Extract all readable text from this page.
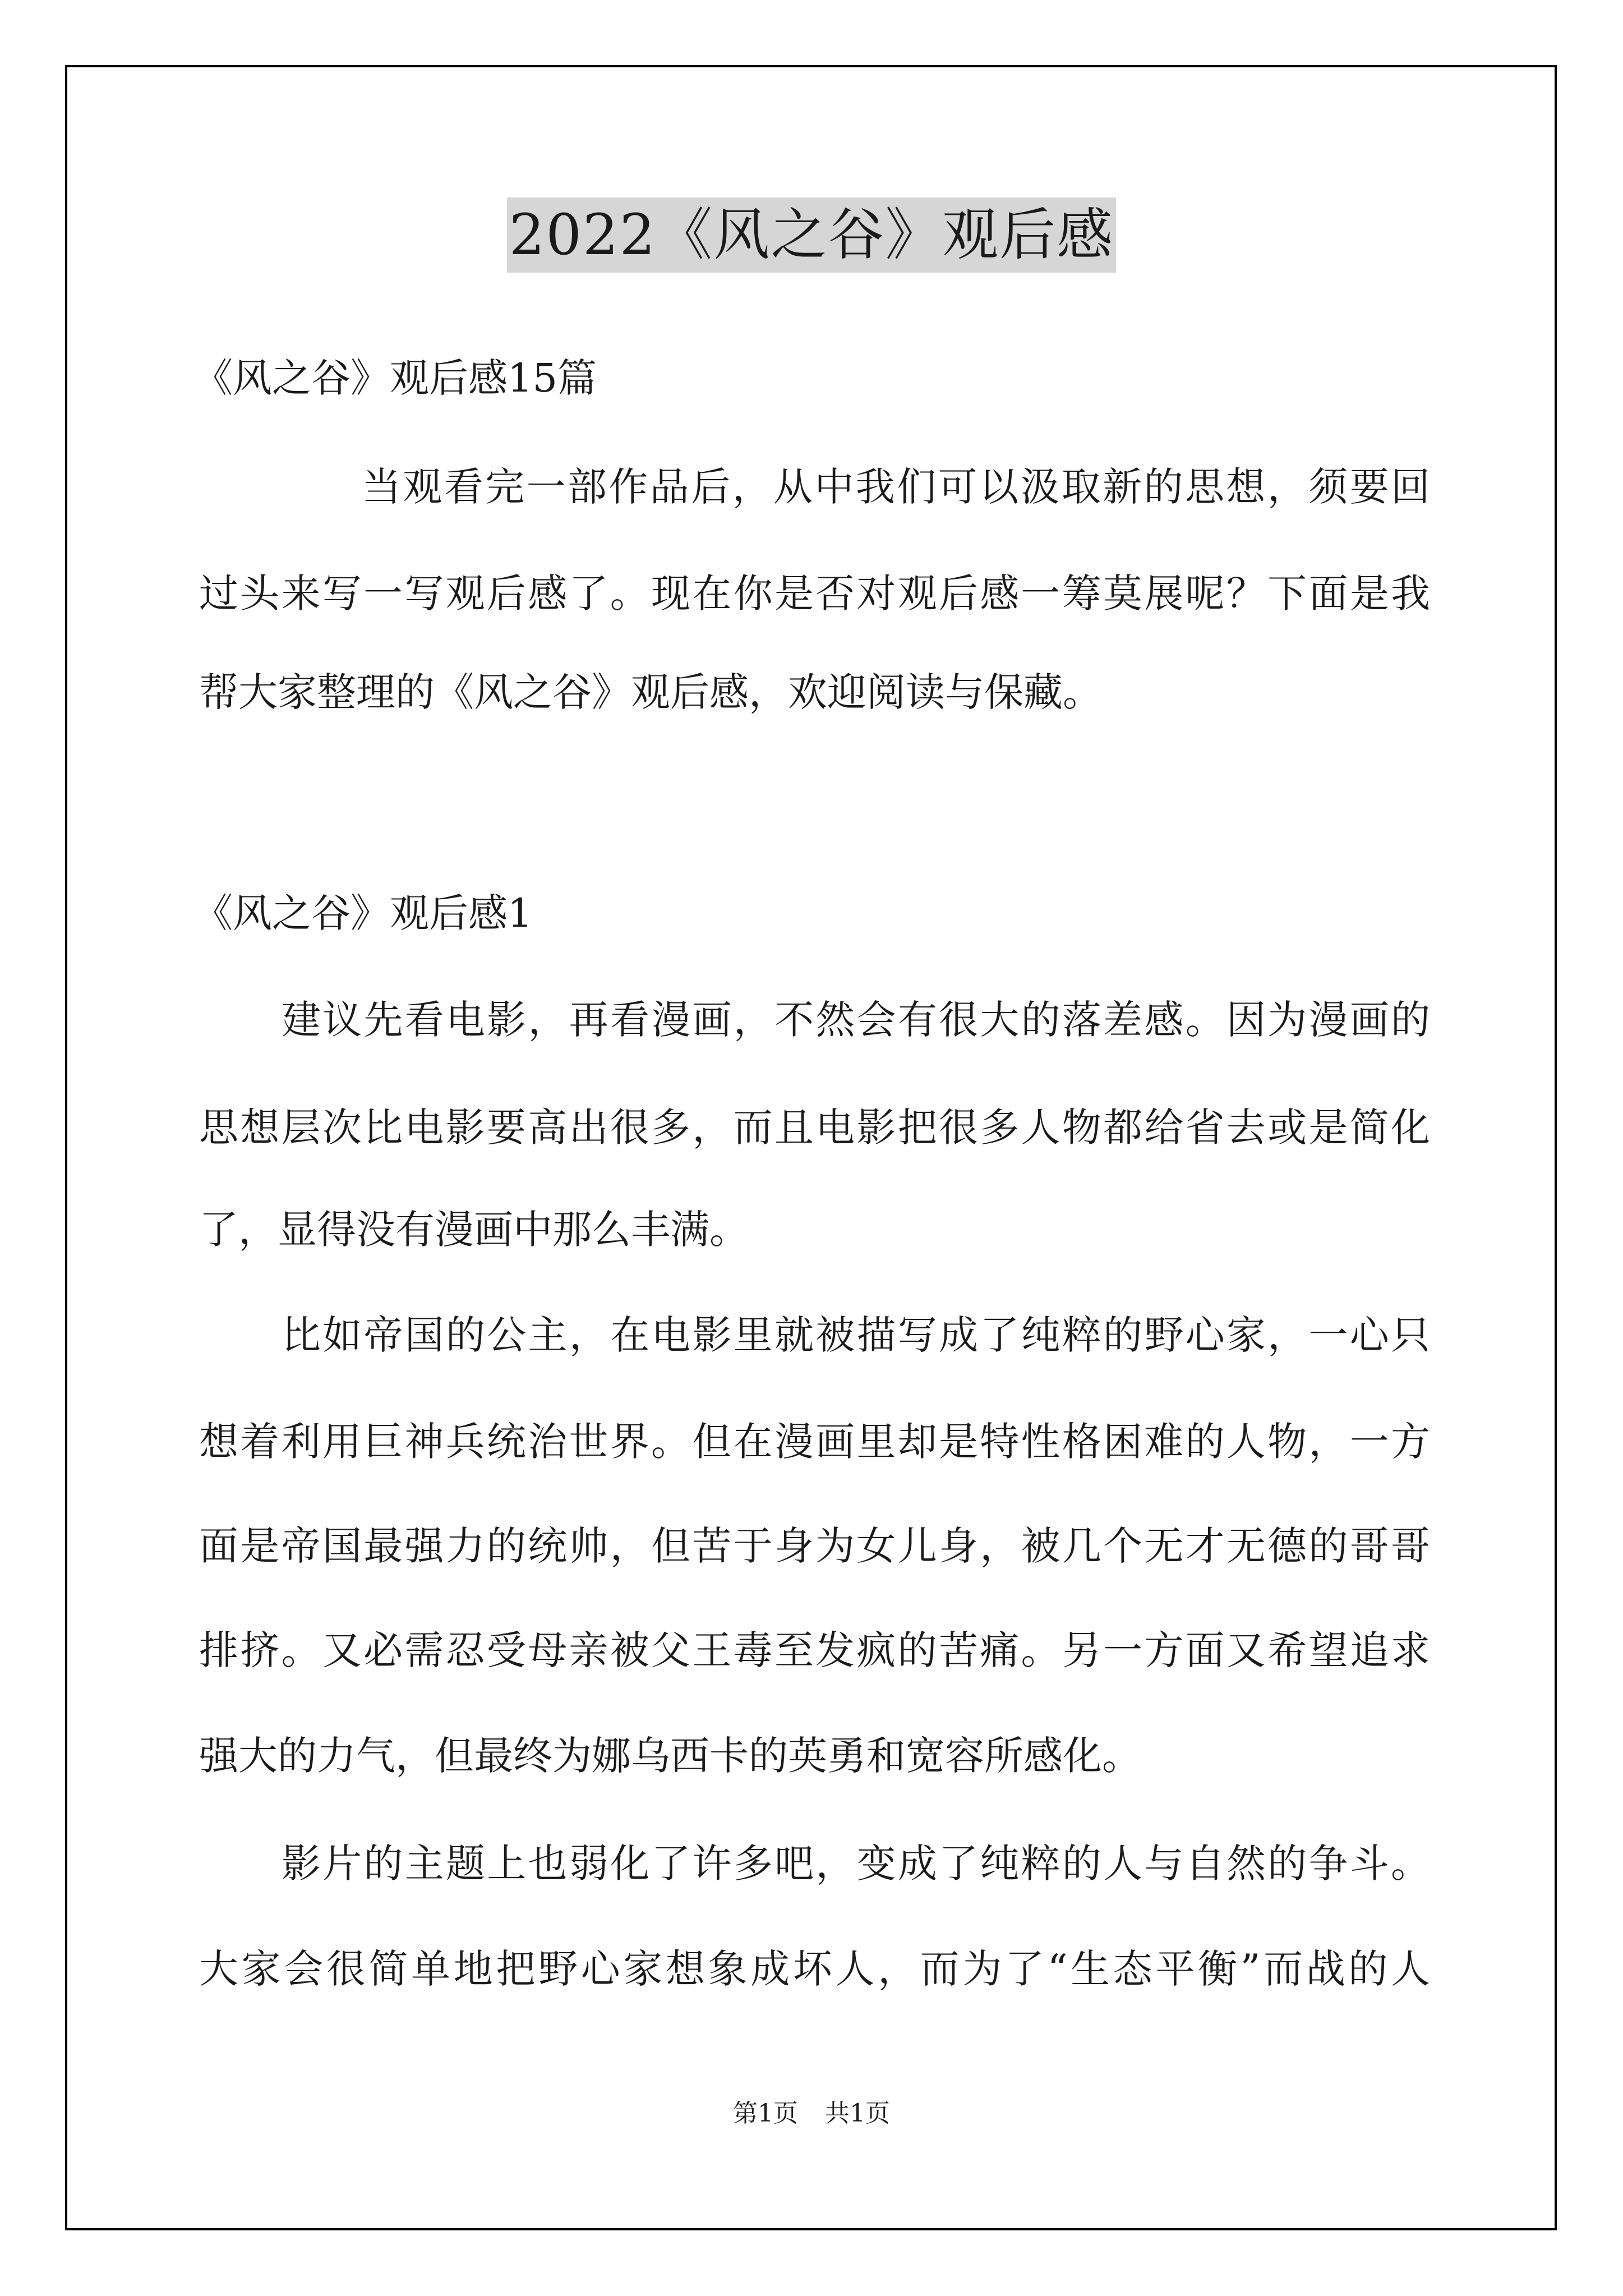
2022《风之谷》观后感
《风之谷》观后感15篇
当观看完一部作品后，从中我们可以汲取新的思想，须要回
过头来写一写观后感了。现在你是否对观后感一筹莫展呢？下面是我
帮大家整理的《风之谷》观后感，欢迎阅读与保藏。
《风之谷》观后感1
建议先看电影，再看漫画，不然会有很大的落差感。因为漫画的
思想层次比电影要高出很多，而且电影把很多人物都给省去或是简化
了，显得没有漫画中那么丰满。
比如帝国的公主，在电影里就被描写成了纯粹的野心家，一心只
想着利用巨神兵统治世界。但在漫画里却是特性格困难的人物，一方
面是帝国最强力的统帅，但苦于身为女儿身，被几个无才无德的哥哥
排挤。又必需忍受母亲被父王毒至发疯的苦痛。另一方面又希望追求
强大的力气，但最终为娜乌西卡的英勇和宽容所感化。
影片的主题上也弱化了许多吧，变成了纯粹的人与自然的争斗。
大家会很简单地把野心家想象成坏人，而为了“生态平衡”而战的人
第1页 共1页
